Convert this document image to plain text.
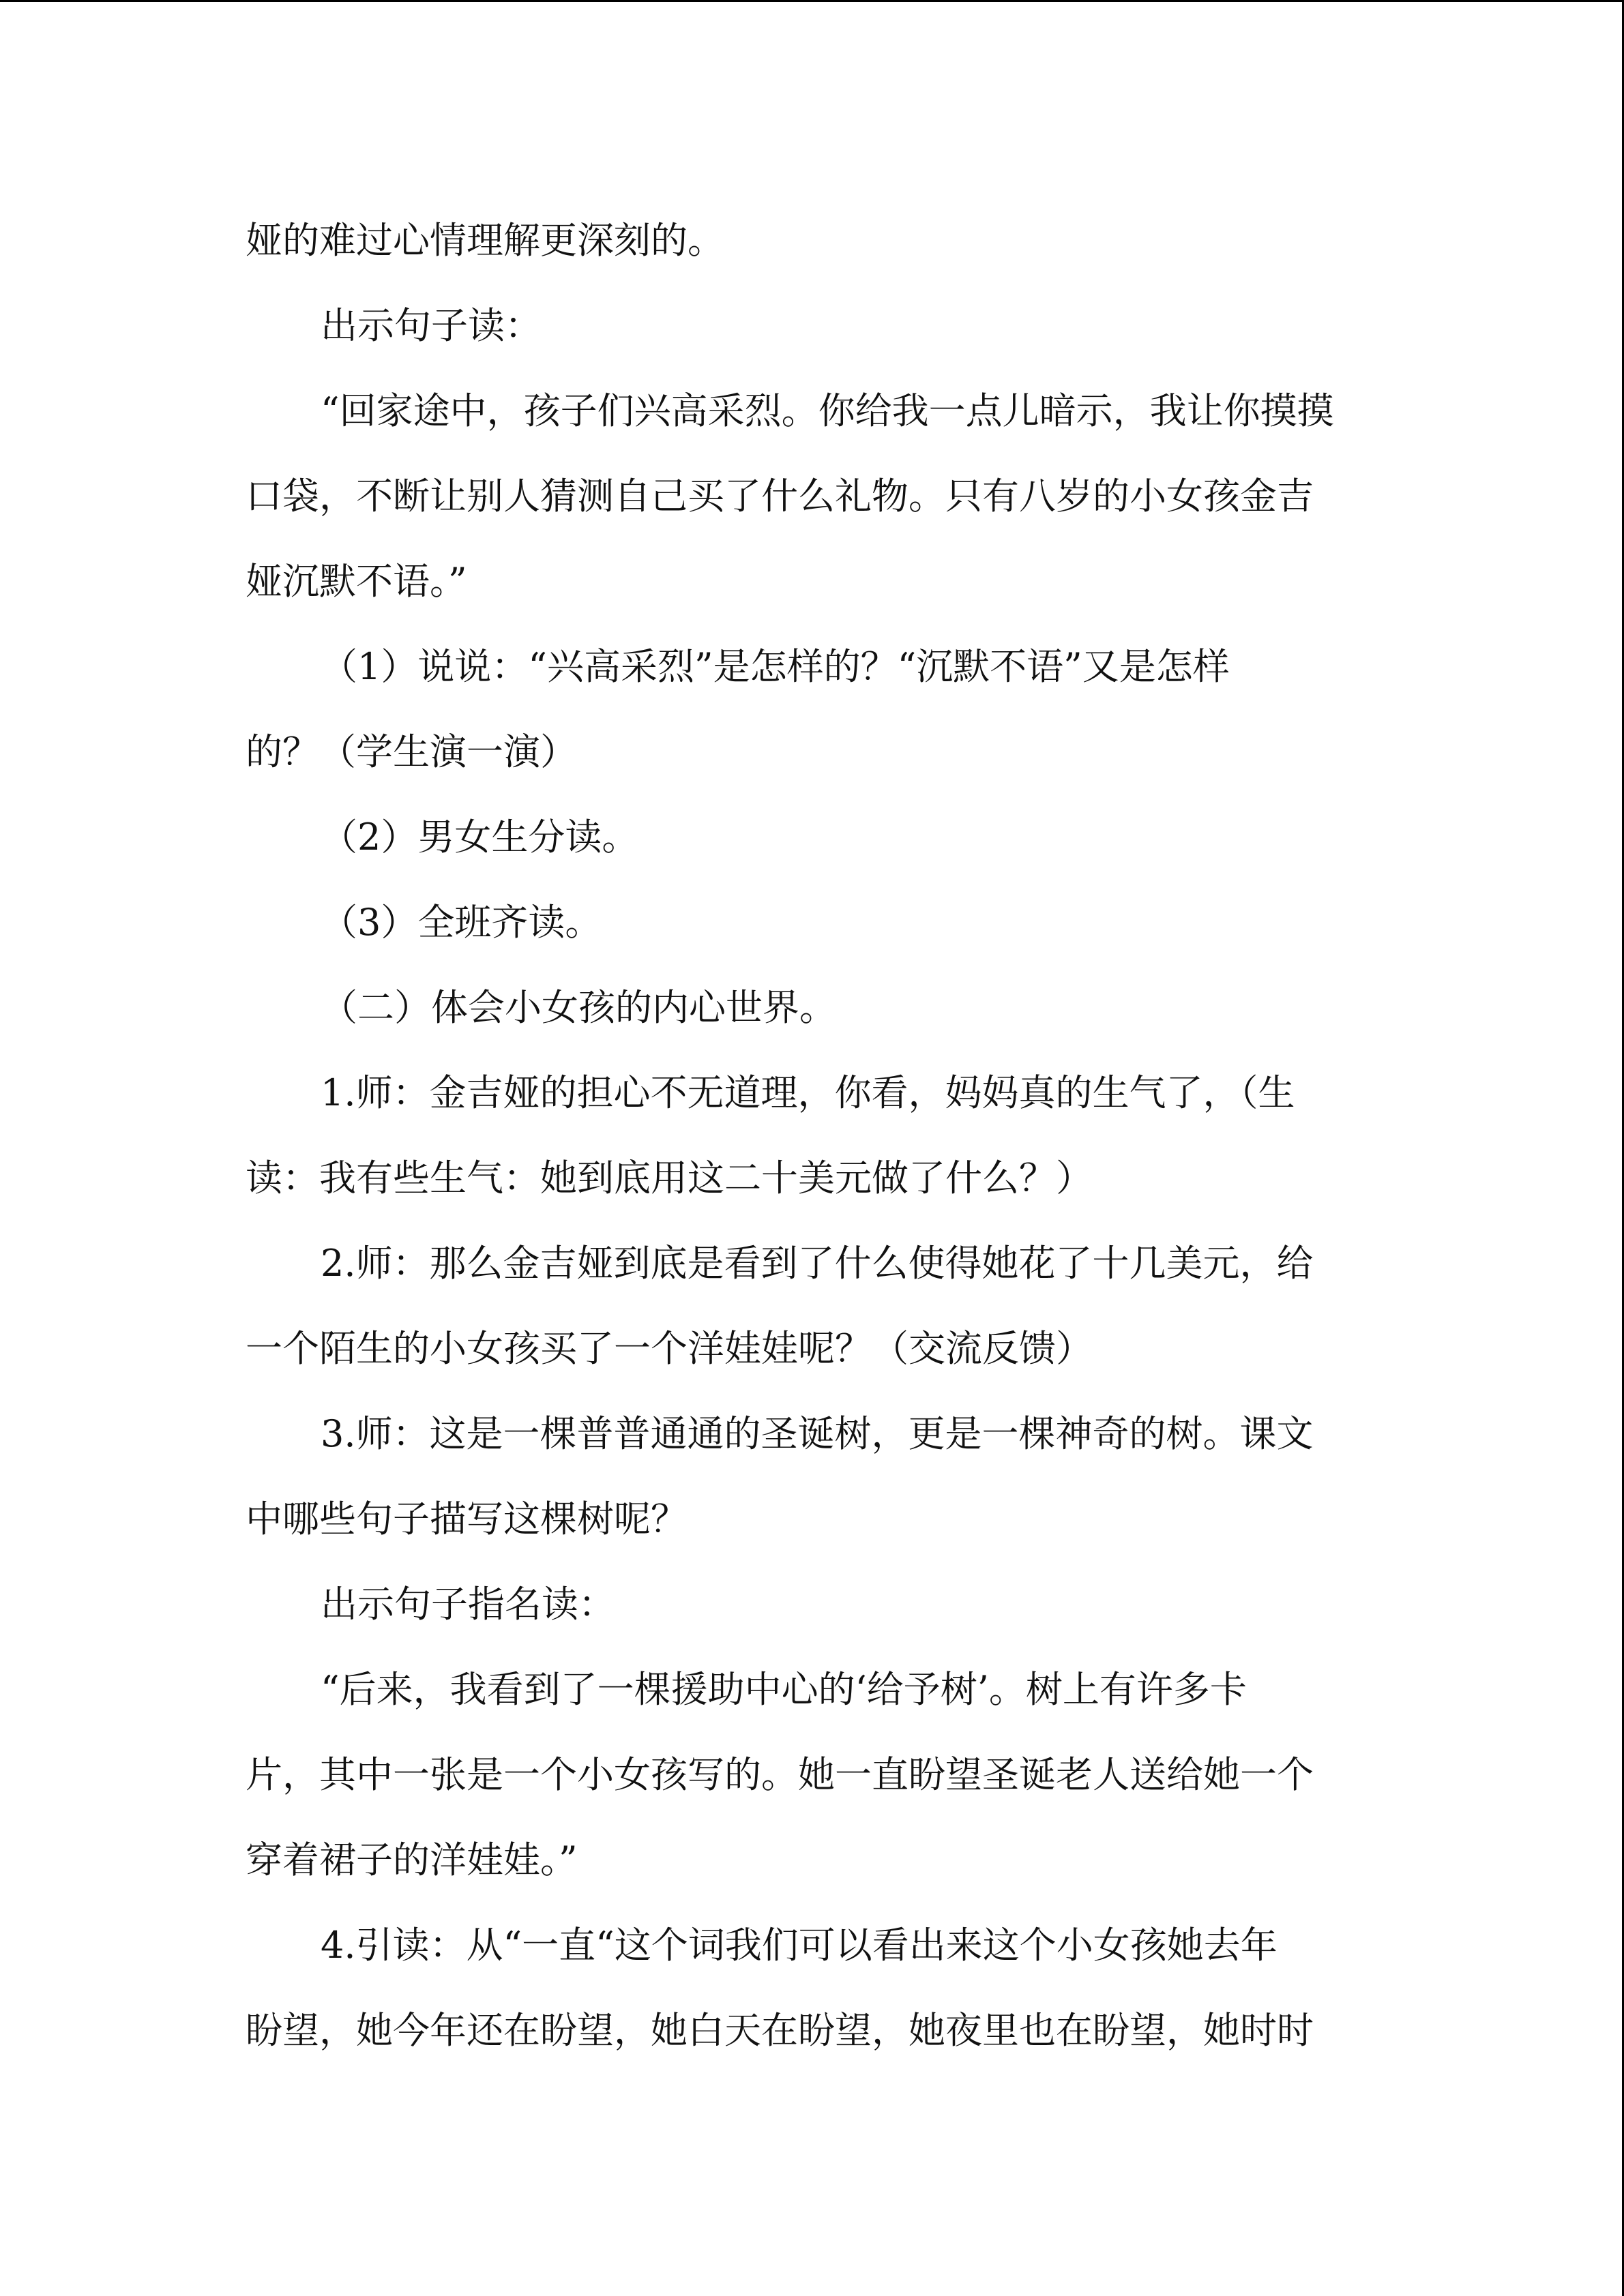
娅的难过心情理解更深刻的。
出示句子读：
“回家途中，孩子们兴高采烈。你给我一点儿暗示，我让你摸摸
口袋，不断让别人猜测自己买了什么礼物。只有八岁的小女孩金吉
娅沉默不语。”
（1）说说：“兴高采烈”是怎样的？“沉默不语”又是怎样
的？（学生演一演）
（2）男女生分读。
（3）全班齐读。
（二）体会小女孩的内心世界。
1.师：金吉娅的担心不无道理，你看，妈妈真的生气了，（生
读：我有些生气：她到底用这二十美元做了什么？）
2.师：那么金吉娅到底是看到了什么使得她花了十几美元，给
一个陌生的小女孩买了一个洋娃娃呢？（交流反馈）
3.师：这是一棵普普通通的圣诞树，更是一棵神奇的树。课文
中哪些句子描写这棵树呢？
出示句子指名读：
“后来，我看到了一棵援助中心的‘给予树’。树上有许多卡
片，其中一张是一个小女孩写的。她一直盼望圣诞老人送给她一个
穿着裙子的洋娃娃。”
4.引读：从“一直“这个词我们可以看出来这个小女孩她去年
盼望，她今年还在盼望，她白天在盼望，她夜里也在盼望，她时时
